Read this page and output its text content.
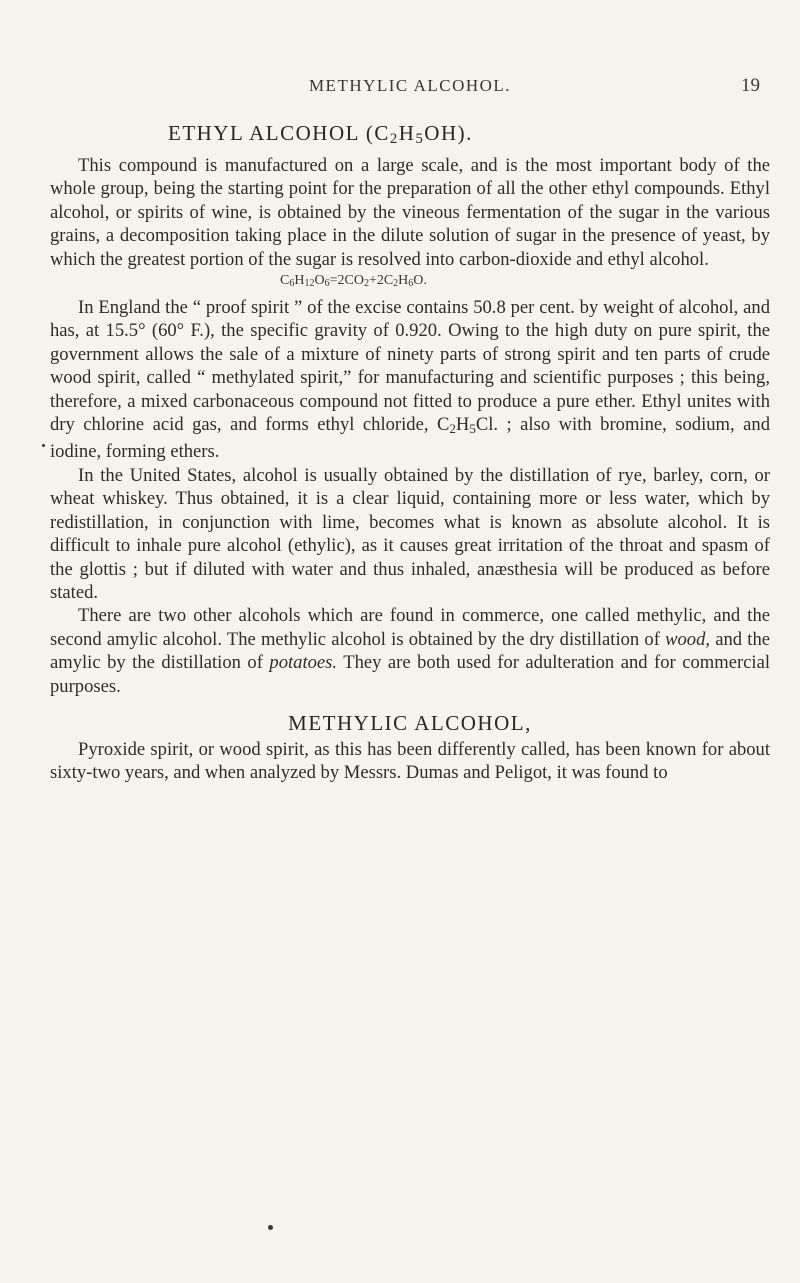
METHYLIC ALCOHOL.	19
ETHYL ALCOHOL $(C_2H_5OH)$.

This compound is manufactured on a large scale, and is the most important body of the whole group, being the starting point for the preparation of all the other ethyl compounds. Ethyl alcohol, or spirits of wine, is obtained by the vineous fermentation of the sugar in the various grains, a decomposition taking place in the dilute solution of sugar in the presence of yeast, by which the greatest portion of the sugar is resolved into carbon-dioxide and ethyl alcohol.

$C_6H_{12}O_6=2CO_2+2C_2H_6O$.

In England the “ proof spirit ” of the excise contains 50.8 per cent. by weight of alcohol, and has, at 15.5° (60° F.), the specific gravity of 0.920. Owing to the high duty on pure spirit, the government allows the sale of a mixture of ninety parts of strong spirit and ten parts of crude wood spirit, called “ methylated spirit,” for manufacturing and scientific purposes ; this being, therefore, a mixed carbonaceous compound not fitted to produce a pure ether. Ethyl unites with dry chlorine acid gas, and forms ethyl chloride, $C_2H_5Cl$. ; also with bromine, sodium, and iodine, forming ethers.

In the United States, alcohol is usually obtained by the distillation of rye, barley, corn, or wheat whiskey. Thus obtained, it is a clear liquid, containing more or less water, which by redistillation, in conjunction with lime, becomes what is known as absolute alcohol. It is difficult to inhale pure alcohol (ethylic), as it causes great irritation of the throat and spasm of the glottis ; but if diluted with water and thus inhaled, anæsthesia will be produced as before stated.

There are two other alcohols which are found in commerce, one called methylic, and the second amylic alcohol. The methylic alcohol is obtained by the dry distillation of wood, and the amylic by the distillation of potatoes. They are both used for adulteration and for commercial purposes.

METHYLIC ALCOHOL,

Pyroxide spirit, or wood spirit, as this has been differently called, has been known for about sixty-two years, and when analyzed by Messrs. Dumas and Peligot, it was found to
